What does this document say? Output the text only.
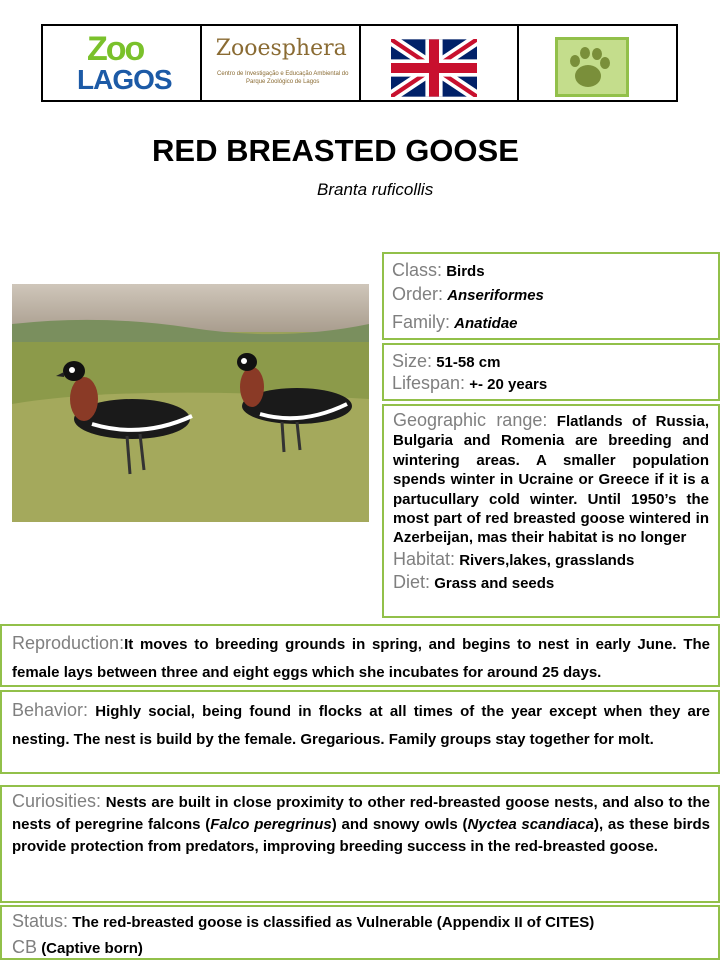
Zoo
LAGOS
Zooesphera
Centro de Investigação e Educação Ambiental do Parque Zoológico de Lagos
RED BREASTED GOOSE
Branta ruficollis
Class: Birds
Order: Anseriformes
Family: Anatidae
Size: 51-58 cm
Lifespan: +- 20 years
Geographic range: Flatlands of Russia, Bulgaria and Romenia are breeding and wintering areas. A smaller population spends winter in Ucraine or Greece if it is a partucullary cold winter. Until 1950’s the most part of red breasted goose wintered in Azerbeijan, mas their habitat is no longer
Habitat: Rivers,lakes, grasslands
Diet: Grass and seeds
Reproduction:It moves to breeding grounds in spring, and begins to nest in early June. The female lays between three and eight eggs which she incubates for around 25 days.
Behavior: Highly social, being found in flocks at all times of the year except when they are nesting. The nest is build by the female. Gregarious. Family groups stay together for molt.
Curiosities: Nests are built in close proximity to other red-breasted goose nests, and also to the nests of peregrine falcons (Falco peregrinus) and snowy owls (Nyctea scandiaca), as these birds provide protection from predators, improving breeding success in the red-breasted goose.
Status: The red-breasted goose is classified as Vulnerable (Appendix II of CITES)
CB (Captive born)
